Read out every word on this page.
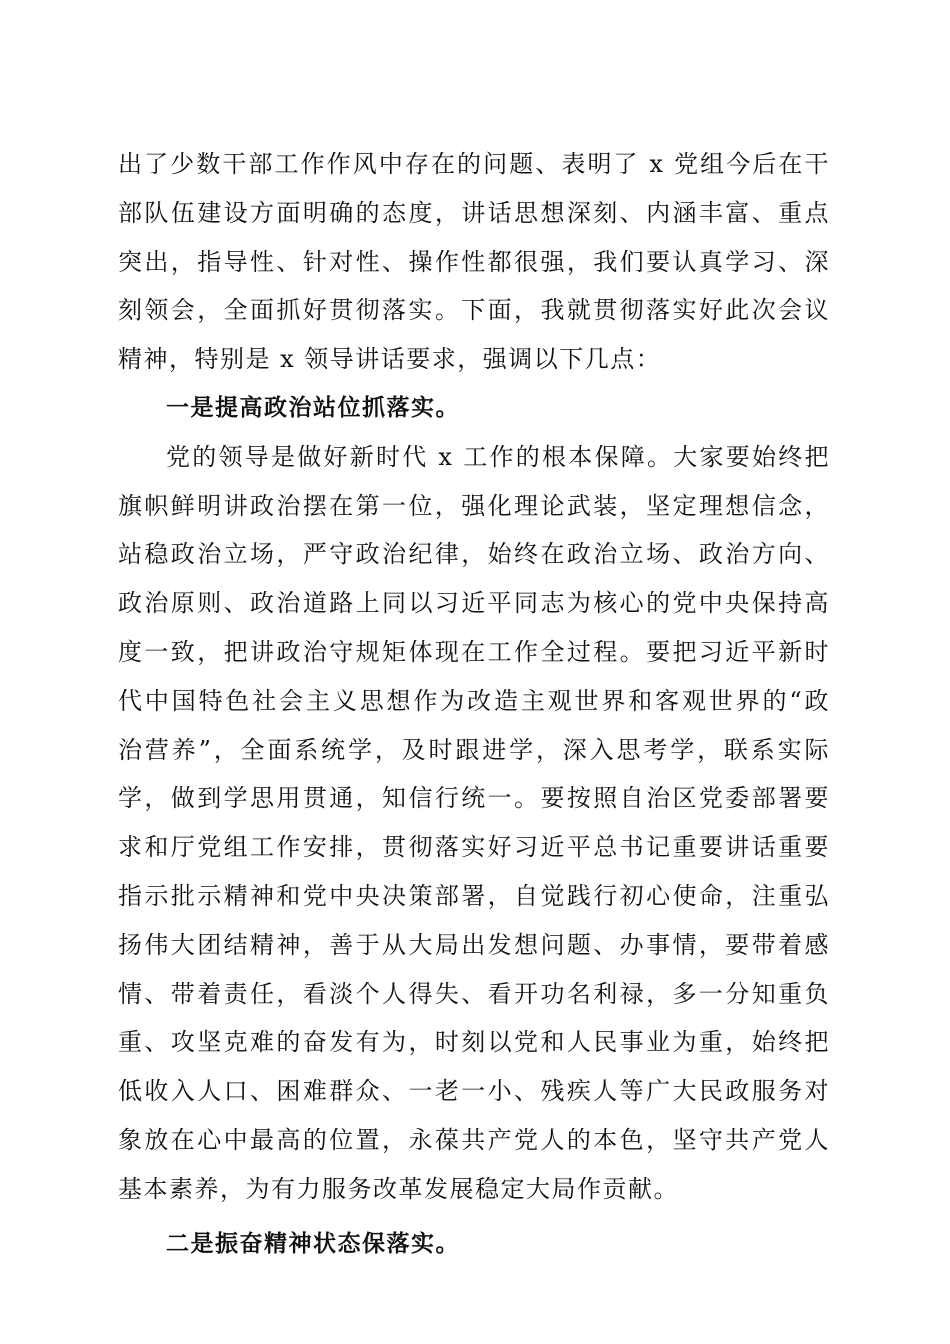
出了少数干部工作作风中存在的问题、表明了 x 党组今后在干
部队伍建设方面明确的态度，讲话思想深刻、内涵丰富、重点
突出，指导性、针对性、操作性都很强，我们要认真学习、深
刻领会，全面抓好贯彻落实。下面，我就贯彻落实好此次会议
精神，特别是 x 领导讲话要求，强调以下几点：
一是提高政治站位抓落实。
党的领导是做好新时代 x 工作的根本保障。大家要始终把
旗帜鲜明讲政治摆在第一位，强化理论武装，坚定理想信念，
站稳政治立场，严守政治纪律，始终在政治立场、政治方向、
政治原则、政治道路上同以习近平同志为核心的党中央保持高
度一致，把讲政治守规矩体现在工作全过程。要把习近平新时
代中国特色社会主义思想作为改造主观世界和客观世界的“政
治营养”，全面系统学，及时跟进学，深入思考学，联系实际
学，做到学思用贯通，知信行统一。要按照自治区党委部署要
求和厅党组工作安排，贯彻落实好习近平总书记重要讲话重要
指示批示精神和党中央决策部署，自觉践行初心使命，注重弘
扬伟大团结精神，善于从大局出发想问题、办事情，要带着感
情、带着责任，看淡个人得失、看开功名利禄，多一分知重负
重、攻坚克难的奋发有为，时刻以党和人民事业为重，始终把
低收入人口、困难群众、一老一小、残疾人等广大民政服务对
象放在心中最高的位置，永葆共产党人的本色，坚守共产党人
基本素养，为有力服务改革发展稳定大局作贡献。
二是振奋精神状态保落实。
